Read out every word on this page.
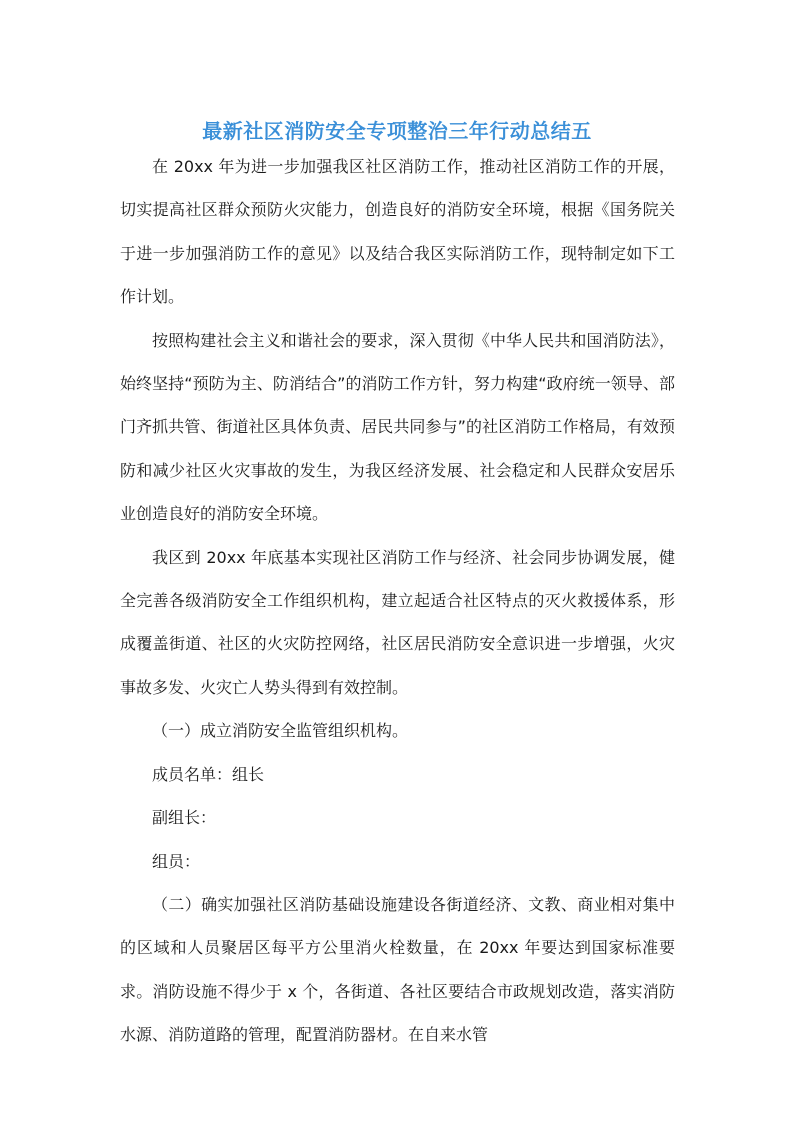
最新社区消防安全专项整治三年行动总结五

在 20xx 年为进一步加强我区社区消防工作，推动社区消防工作的开展，切实提高社区群众预防火灾能力，创造良好的消防安全环境，根据《国务院关于进一步加强消防工作的意见》以及结合我区实际消防工作，现特制定如下工作计划。

按照构建社会主义和谐社会的要求，深入贯彻《中华人民共和国消防法》，始终坚持“预防为主、防消结合”的消防工作方针，努力构建“政府统一领导、部门齐抓共管、街道社区具体负责、居民共同参与”的社区消防工作格局，有效预防和减少社区火灾事故的发生，为我区经济发展、社会稳定和人民群众安居乐业创造良好的消防安全环境。

我区到 20xx 年底基本实现社区消防工作与经济、社会同步协调发展，健全完善各级消防安全工作组织机构，建立起适合社区特点的灭火救援体系，形成覆盖街道、社区的火灾防控网络，社区居民消防安全意识进一步增强，火灾事故多发、火灾亡人势头得到有效控制。

（一）成立消防安全监管组织机构。

成员名单：组长

副组长：

组员：

（二）确实加强社区消防基础设施建设各街道经济、文教、商业相对集中的区域和人员聚居区每平方公里消火栓数量，在 20xx 年要达到国家标准要求。消防设施不得少于 x 个，各街道、各社区要结合市政规划改造，落实消防水源、消防道路的管理，配置消防器材。在自来水管
